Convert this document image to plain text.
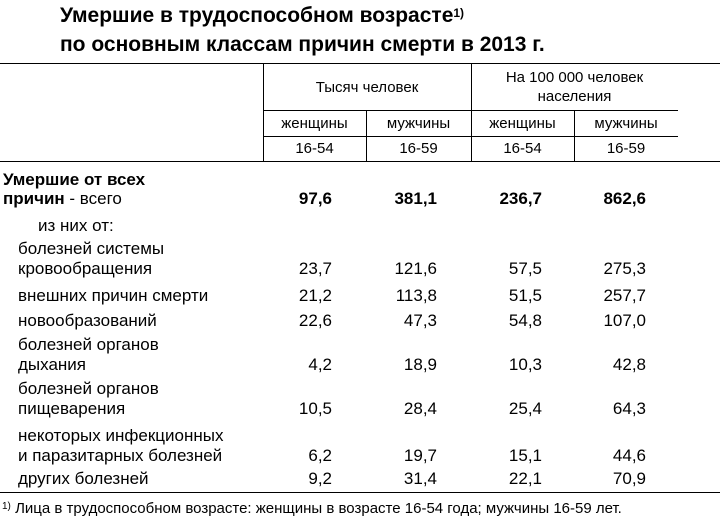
Умершие в трудоспособном возрасте$^{1)}$
по основным классам причин смерти в 2013 г.
Тысяч человек
На 100 000 человек
населения
женщины	мужчины	женщины	мужчины
16-54	16-59	16-54	16-59
Умершие от всех
причин - всего	97,6	381,1	236,7	862,6
из них от:
болезней системы
кровообращения	23,7	121,6	57,5	275,3
внешних причин смерти	21,2	113,8	51,5	257,7
новообразований	22,6	47,3	54,8	107,0
болезней органов
дыхания	4,2	18,9	10,3	42,8
болезней органов
пищеварения	10,5	28,4	25,4	64,3
некоторых инфекционных
и паразитарных болезней	6,2	19,7	15,1	44,6
других болезней	9,2	31,4	22,1	70,9
$^{1)}$ Лица в трудоспособном возрасте: женщины в возрасте 16-54 года; мужчины 16-59 лет.
